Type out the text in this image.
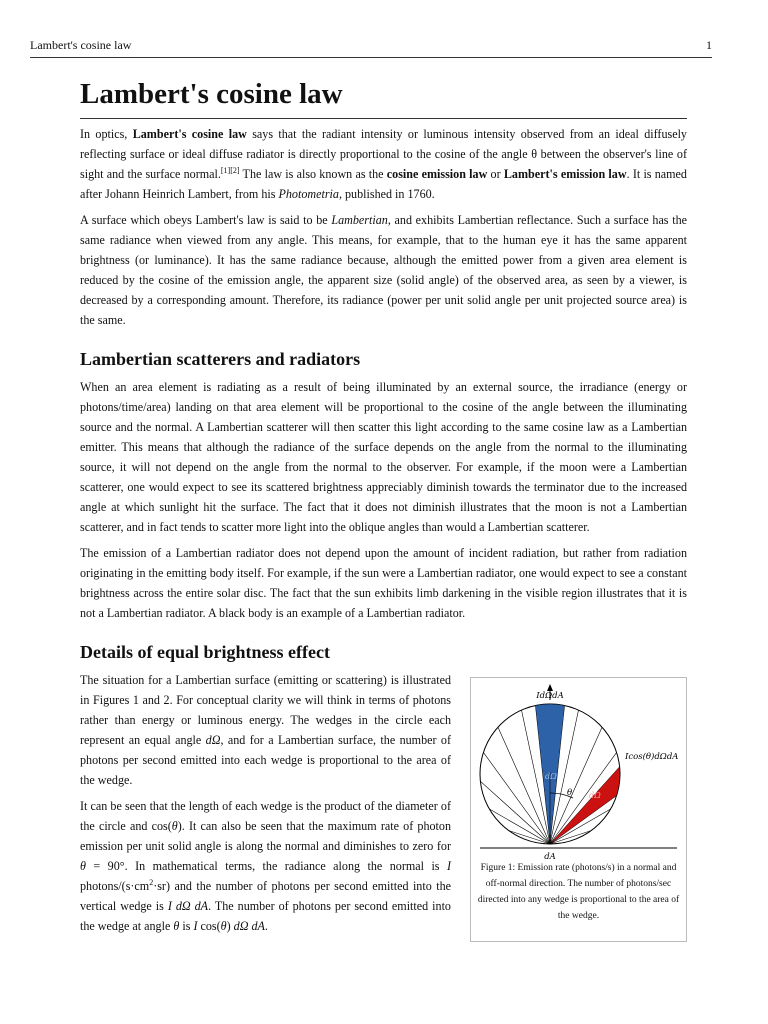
Lambert's cosine law	1
Lambert's cosine law

In optics, Lambert's cosine law says that the radiant intensity or luminous intensity observed from an ideal diffusely reflecting surface or ideal diffuse radiator is directly proportional to the cosine of the angle θ between the observer's line of sight and the surface normal.[1][2] The law is also known as the cosine emission law or Lambert's emission law. It is named after Johann Heinrich Lambert, from his Photometria, published in 1760.

A surface which obeys Lambert's law is said to be Lambertian, and exhibits Lambertian reflectance. Such a surface has the same radiance when viewed from any angle. This means, for example, that to the human eye it has the same apparent brightness (or luminance). It has the same radiance because, although the emitted power from a given area element is reduced by the cosine of the emission angle, the apparent size (solid angle) of the observed area, as seen by a viewer, is decreased by a corresponding amount. Therefore, its radiance (power per unit solid angle per unit projected source area) is the same.

Lambertian scatterers and radiators

When an area element is radiating as a result of being illuminated by an external source, the irradiance (energy or photons/time/area) landing on that area element will be proportional to the cosine of the angle between the illuminating source and the normal. A Lambertian scatterer will then scatter this light according to the same cosine law as a Lambertian emitter. This means that although the radiance of the surface depends on the angle from the normal to the illuminating source, it will not depend on the angle from the normal to the observer. For example, if the moon were a Lambertian scatterer, one would expect to see its scattered brightness appreciably diminish towards the terminator due to the increased angle at which sunlight hit the surface. The fact that it does not diminish illustrates that the moon is not a Lambertian scatterer, and in fact tends to scatter more light into the oblique angles than would a Lambertian scatterer.

The emission of a Lambertian radiator does not depend upon the amount of incident radiation, but rather from radiation originating in the emitting body itself. For example, if the sun were a Lambertian radiator, one would expect to see a constant brightness across the entire solar disc. The fact that the sun exhibits limb darkening in the visible region illustrates that it is not a Lambertian radiator. A black body is an example of a Lambertian radiator.

Details of equal brightness effect

The situation for a Lambertian surface (emitting or scattering) is illustrated in Figures 1 and 2. For conceptual clarity we will think in terms of photons rather than energy or luminous energy. The wedges in the circle each represent an equal angle dΩ, and for a Lambertian surface, the number of photons per second emitted into each wedge is proportional to the area of the wedge.

It can be seen that the length of each wedge is the product of the diameter of the circle and cos(θ). It can also be seen that the maximum rate of photon emission per unit solid angle is along the normal and diminishes to zero for θ = 90°. In mathematical terms, the radiance along the normal is I photons/$(s\cdot cm^2\cdot sr)$ and the number of photons per second emitted into the vertical wedge is I dΩ dA. The number of photons per second emitted into the wedge at angle θ is I cos(θ) dΩ dA.

IdΩdA
Icos(θ)dΩdA
dΩ
dΩ
θ
dA

Figure 1: Emission rate (photons/s) in a normal and off-normal direction. The number of photons/sec directed into any wedge is proportional to the area of the wedge.
